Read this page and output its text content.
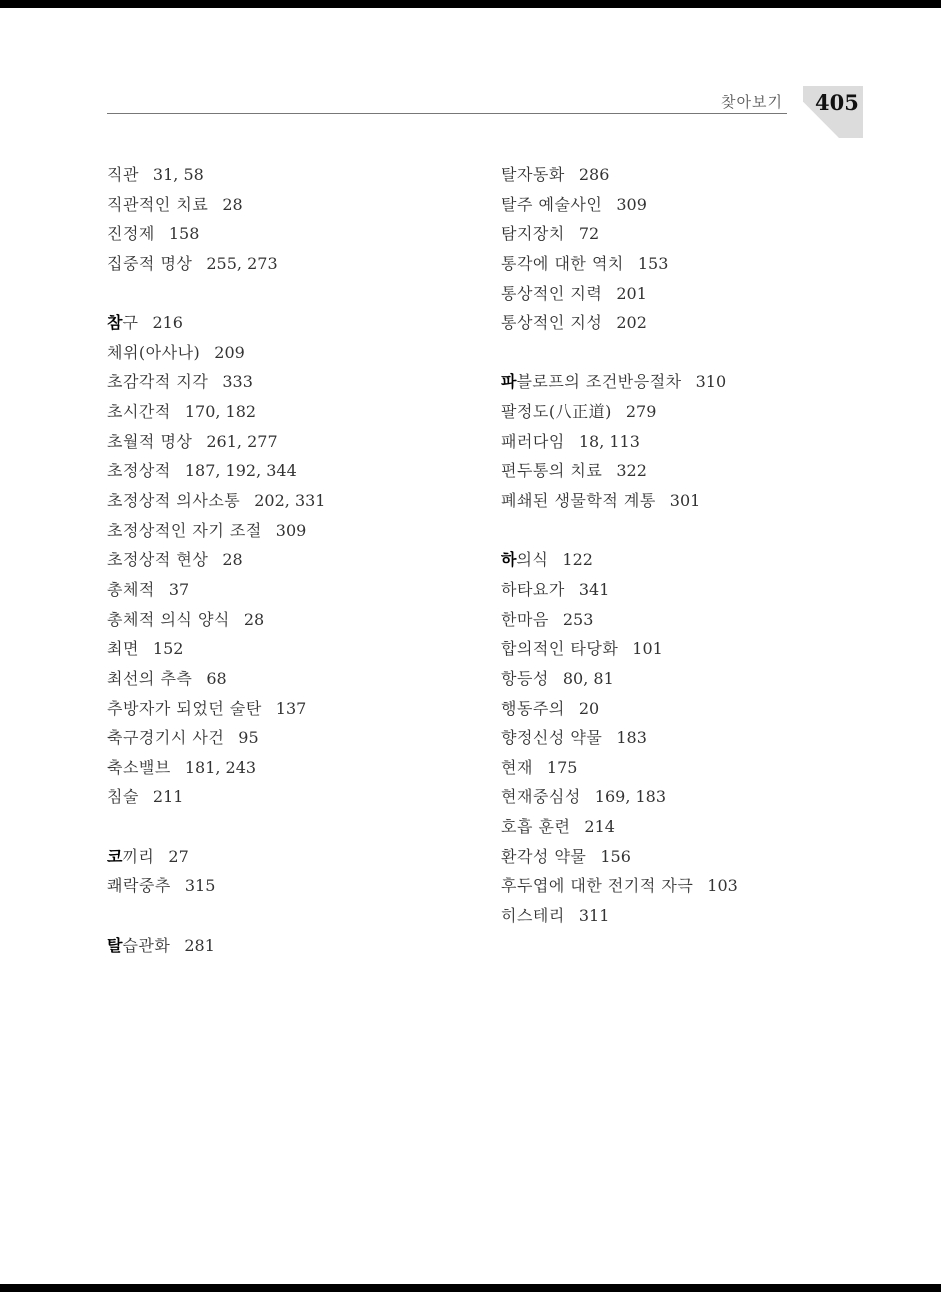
찾아보기 405
직관 31, 58
직관적인 치료 28
진정제 158
집중적 명상 255, 273
참구 216
체위(아사나) 209
초감각적 지각 333
초시간적 170, 182
초월적 명상 261, 277
초정상적 187, 192, 344
초정상적 의사소통 202, 331
초정상적인 자기 조절 309
초정상적 현상 28
총체적 37
총체적 의식 양식 28
최면 152
최선의 추측 68
추방자가 되었던 술탄 137
축구경기시 사건 95
축소밸브 181, 243
침술 211
코끼리 27
쾌락중추 315
탈습관화 281
탈자동화 286
탈주 예술사인 309
탐지장치 72
통각에 대한 역치 153
통상적인 지력 201
통상적인 지성 202
파블로프의 조건반응절차 310
팔정도(八正道) 279
패러다임 18, 113
편두통의 치료 322
폐쇄된 생물학적 계통 301
하의식 122
하타요가 341
한마음 253
합의적인 타당화 101
항등성 80, 81
행동주의 20
향정신성 약물 183
현재 175
현재중심성 169, 183
호흡 훈련 214
환각성 약물 156
후두엽에 대한 전기적 자극 103
히스테리 311
